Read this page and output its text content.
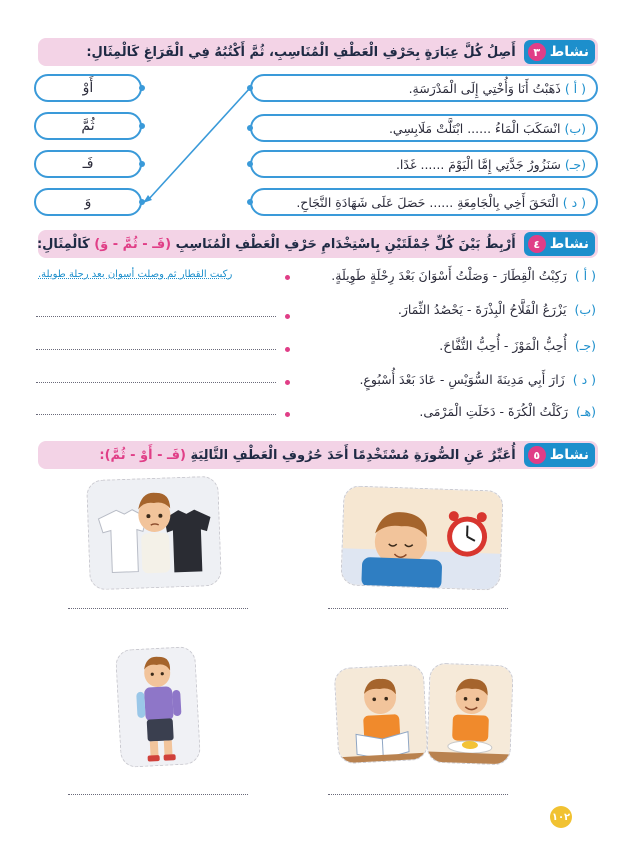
نشاط
٣
أَصِلُ كُلَّ عِبَارَةٍ بِحَرْفِ الْعَطْفِ الْمُنَاسِبِ، ثُمَّ أَكْتُبُهُ فِي الْفَرَاغِ كَالْمِثَالِ:
( أ )
ذَهَبْتُ أَنَا وَأُخْتِي إِلَى الْمَدْرَسَةِ.
(ب)
انْسَكَبَ الْمَاءُ ...... ابْتَلَّتْ مَلَابِسِي.
(جـ)
سَنَزُورُ جَدَّتِي إِمَّا الْيَوْمَ ...... غَدًا.
( د )
الْتَحَقَ أَخِي بِالْجَامِعَةِ ...... حَصَلَ عَلَى شَهَادَةِ النَّجَاحِ.
أَوْ
ثُمَّ
فَـ
وَ
نشاط
٤
أَرْبِطُ بَيْنَ كُلِّ جُمْلَتَيْنِ بِاسْتِخْدَامِ حَرْفِ الْعَطْفِ الْمُنَاسِبِ (فَـ - ثُمَّ - وَ) كَالْمِثَالِ:
( أ ) رَكِبْتُ الْقِطَارَ - وَصَلْتُ أَسْوَانَ بَعْدَ رِحْلَةٍ طَوِيلَةٍ.
ركبت القطار ثم وصلت أسوان بعد رحلة طويلة.
(ب) يَزْرَعُ الْفَلَّاحُ الْبِذْرَةَ - يَحْصُدُ الثِّمَارَ.
(جـ) أُحِبُّ الْمَوْزَ - أُحِبُّ التُّفَّاحَ.
( د ) زَارَ أَبِي مَدِينَةَ السُّوَيْسِ - عَادَ بَعْدَ أُسْبُوعٍ.
(هـ) رَكَلْتُ الْكُرَةَ - دَخَلَتِ الْمَرْمَى.
نشاط
٥
أُعَبِّرُ عَنِ الصُّورَةِ مُسْتَخْدِمًا أَحَدَ حُرُوفِ الْعَطْفِ التَّالِيَةِ (فَـ - أَوْ - ثُمَّ):
١٠٢
